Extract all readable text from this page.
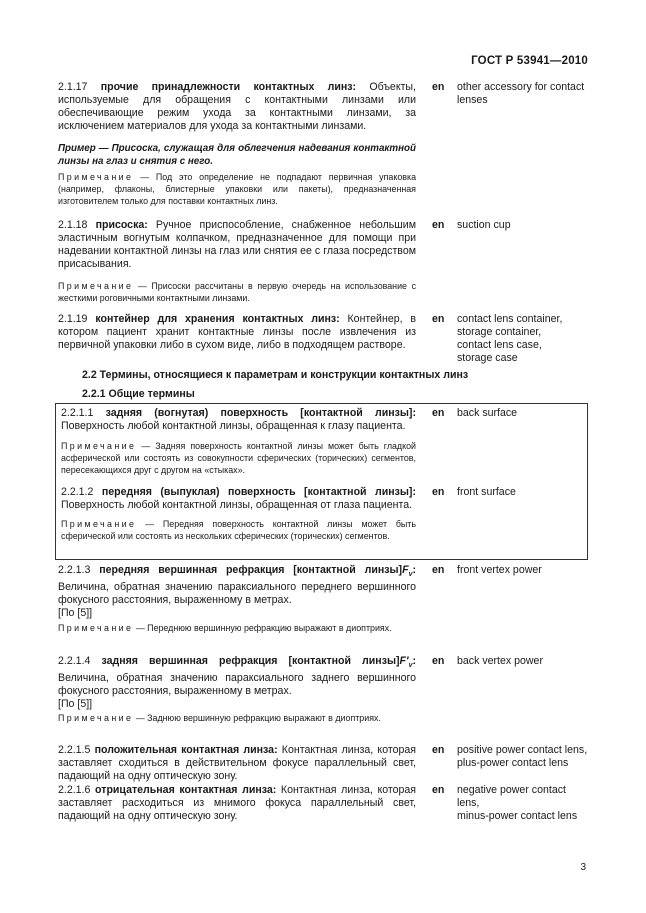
ГОСТ Р 53941—2010
2.1.17 прочие принадлежности контактных линз: Объекты, используемые для обращения с контактными линзами или обеспечивающие режим ухода за контактными линзами, за исключением материалов для ухода за контактными линзами.
en other accessory for contact lenses
Пример — Присоска, служащая для облегчения надевания контактной линзы на глаз и снятия с него.
Примечание — Под это определение не подпадают первичная упаковка (например, флаконы, блистерные упаковки или пакеты), предназначенная изготовителем только для поставки контактных линз.
2.1.18 присоска: Ручное приспособление, снабженное небольшим эластичным вогнутым колпачком, предназначенное для помощи при надевании контактной линзы на глаз или снятия ее с глаза посредством присасывания.
en suction cup
Примечание — Присоски рассчитаны в первую очередь на использование с жесткими роговичными контактными линзами.
2.1.19 контейнер для хранения контактных линз: Контейнер, в котором пациент хранит контактные линзы после извлечения из первичной упаковки либо в сухом виде, либо в подходящем растворе.
en contact lens container,
storage container,
contact lens case,
storage case
2.2 Термины, относящиеся к параметрам и конструкции контактных линз
2.2.1 Общие термины
2.2.1.1 задняя (вогнутая) поверхность [контактной линзы]: Поверхность любой контактной линзы, обращенная к глазу пациента.
en back surface
Примечание — Задняя поверхность контактной линзы может быть гладкой асферической или состоять из совокупности сферических (торических) сегментов, пересекающихся друг с другом на «стыках».
2.2.1.2 передняя (выпуклая) поверхность [контактной линзы]: Поверхность любой контактной линзы, обращенная от глаза пациента.
en front surface
Примечание — Передняя поверхность контактной линзы может быть сферической или состоять из нескольких сферических (торических) сегментов.
2.2.1.3 передняя вершинная рефракция [контактной $линзы]F_v$: Величина, обратная значению параксиального переднего вершинного фокусного расстояния, выраженному в метрах.
[По [5]]
en front vertex power
Примечание — Переднюю вершинную рефракцию выражают в диоптриях.
2.2.1.4 задняя вершинная рефракция [контактной $линзы]F'_v$: Величина, обратная значению параксиального заднего вершинного фокусного расстояния, выраженному в метрах.
[По [5]]
en back vertex power
Примечание — Заднюю вершинную рефракцию выражают в диоптриях.
2.2.1.5 положительная контактная линза: Контактная линза, которая заставляет сходиться в действительном фокусе параллельный свет, падающий на одну оптическую зону.
en positive power contact lens,
plus-power contact lens
2.2.1.6 отрицательная контактная линза: Контактная линза, которая заставляет расходиться из мнимого фокуса параллельный свет, падающий на одну оптическую зону.
en negative power contact
lens,
minus-power contact lens
3
